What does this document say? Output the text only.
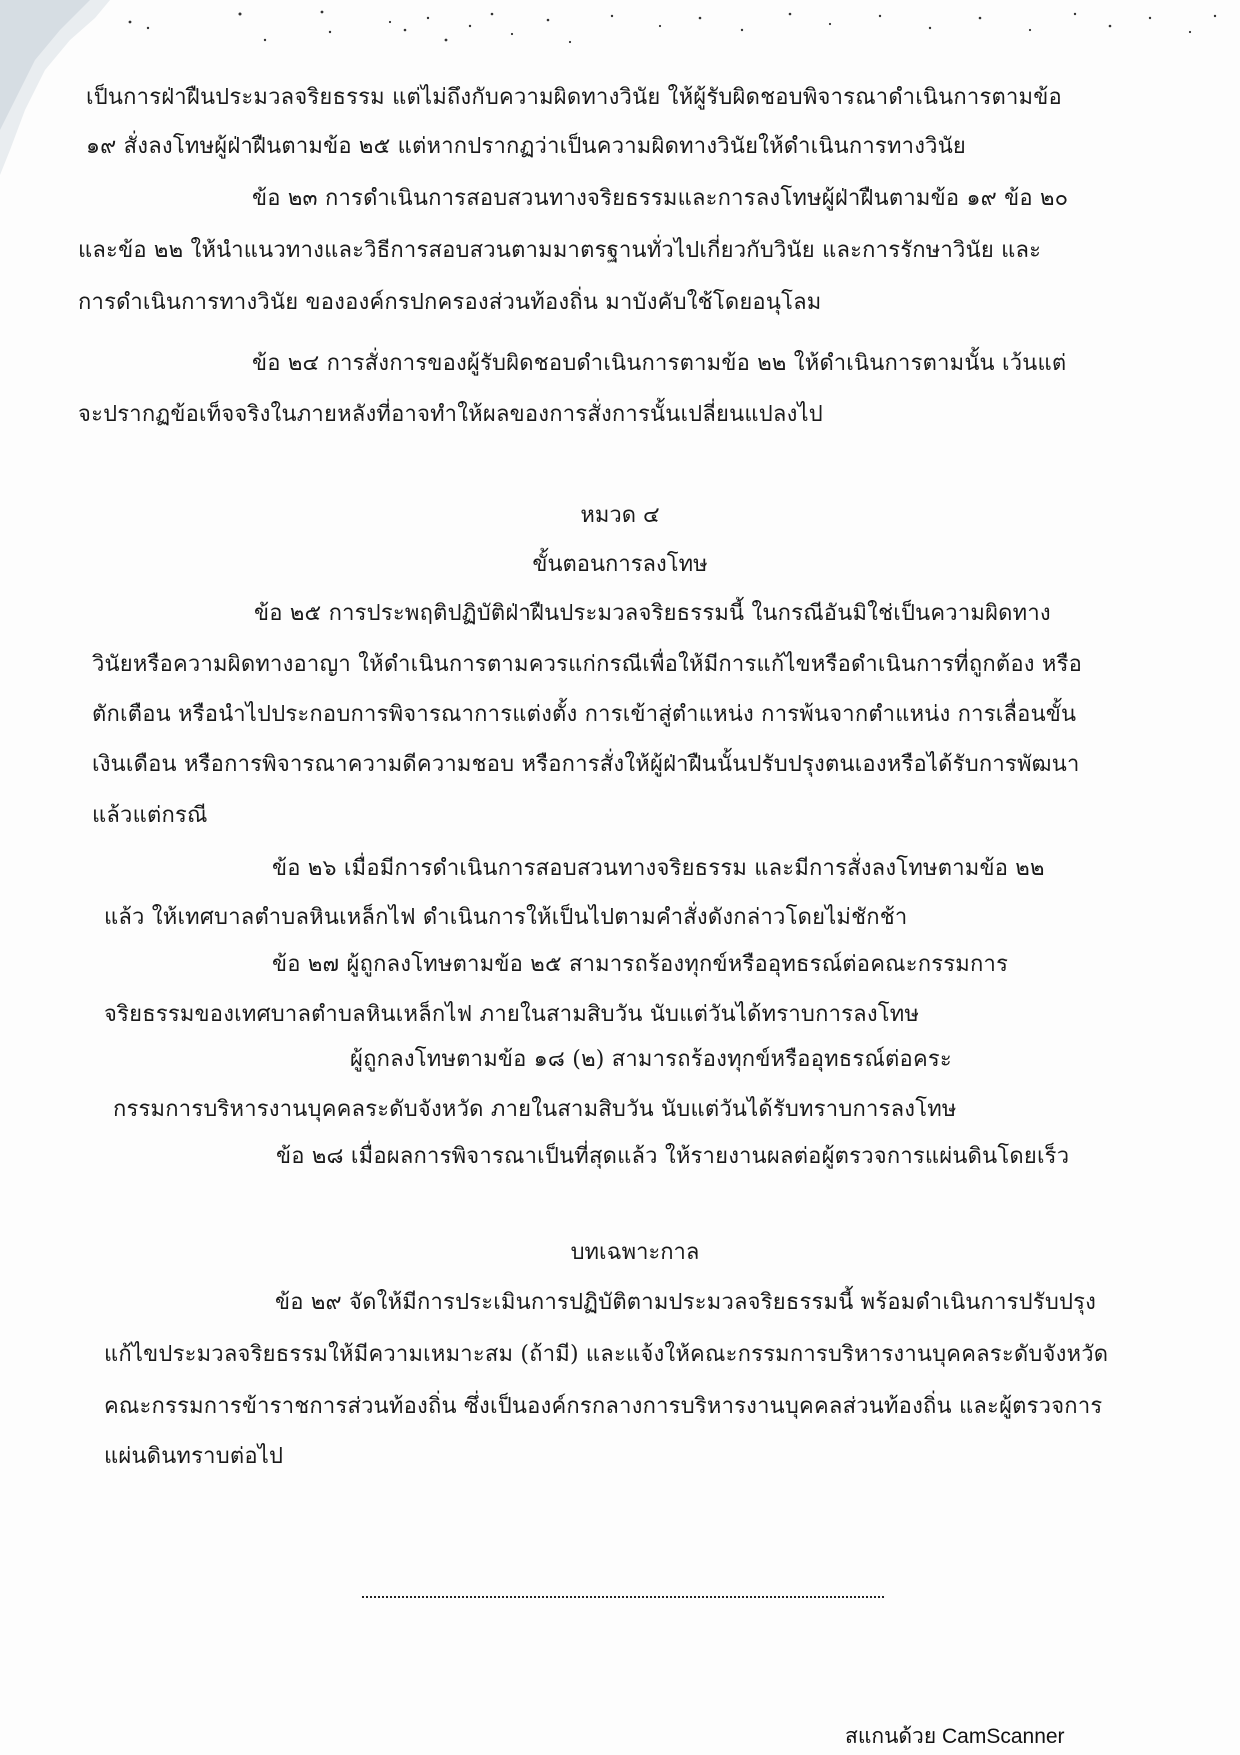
เป็นการฝ่าฝืนประมวลจริยธรรม แต่ไม่ถึงกับความผิดทางวินัย ให้ผู้รับผิดชอบพิจารณาดำเนินการตามข้อ
๑๙ สั่งลงโทษผู้ฝ่าฝืนตามข้อ ๒๕ แต่หากปรากฏว่าเป็นความผิดทางวินัยให้ดำเนินการทางวินัย
ข้อ ๒๓ การดำเนินการสอบสวนทางจริยธรรมและการลงโทษผู้ฝ่าฝืนตามข้อ ๑๙ ข้อ ๒๐
และข้อ ๒๒ ให้นำแนวทางและวิธีการสอบสวนตามมาตรฐานทั่วไปเกี่ยวกับวินัย และการรักษาวินัย และ
การดำเนินการทางวินัย ขององค์กรปกครองส่วนท้องถิ่น มาบังคับใช้โดยอนุโลม
ข้อ ๒๔ การสั่งการของผู้รับผิดชอบดำเนินการตามข้อ ๒๒ ให้ดำเนินการตามนั้น เว้นแต่
จะปรากฏข้อเท็จจริงในภายหลังที่อาจทำให้ผลของการสั่งการนั้นเปลี่ยนแปลงไป
หมวด ๔
ขั้นตอนการลงโทษ
ข้อ ๒๕ การประพฤติปฏิบัติฝ่าฝืนประมวลจริยธรรมนี้ ในกรณีอันมิใช่เป็นความผิดทาง
วินัยหรือความผิดทางอาญา ให้ดำเนินการตามควรแก่กรณีเพื่อให้มีการแก้ไขหรือดำเนินการที่ถูกต้อง หรือ
ตักเตือน หรือนำไปประกอบการพิจารณาการแต่งตั้ง การเข้าสู่ตำแหน่ง การพ้นจากตำแหน่ง การเลื่อนขั้น
เงินเดือน หรือการพิจารณาความดีความชอบ หรือการสั่งให้ผู้ฝ่าฝืนนั้นปรับปรุงตนเองหรือได้รับการพัฒนา
แล้วแต่กรณี
ข้อ ๒๖ เมื่อมีการดำเนินการสอบสวนทางจริยธรรม และมีการสั่งลงโทษตามข้อ ๒๒
แล้ว ให้เทศบาลตำบลหินเหล็กไฟ ดำเนินการให้เป็นไปตามคำสั่งดังกล่าวโดยไม่ชักช้า
ข้อ ๒๗ ผู้ถูกลงโทษตามข้อ ๒๕ สามารถร้องทุกข์หรืออุทธรณ์ต่อคณะกรรมการ
จริยธรรมของเทศบาลตำบลหินเหล็กไฟ ภายในสามสิบวัน นับแต่วันได้ทราบการลงโทษ
ผู้ถูกลงโทษตามข้อ ๑๘ (๒) สามารถร้องทุกข์หรืออุทธรณ์ต่อคระ
กรรมการบริหารงานบุคคลระดับจังหวัด ภายในสามสิบวัน นับแต่วันได้รับทราบการลงโทษ
ข้อ ๒๘ เมื่อผลการพิจารณาเป็นที่สุดแล้ว ให้รายงานผลต่อผู้ตรวจการแผ่นดินโดยเร็ว
บทเฉพาะกาล
ข้อ ๒๙ จัดให้มีการประเมินการปฏิบัติตามประมวลจริยธรรมนี้ พร้อมดำเนินการปรับปรุง
แก้ไขประมวลจริยธรรมให้มีความเหมาะสม (ถ้ามี) และแจ้งให้คณะกรรมการบริหารงานบุคคลระดับจังหวัด
คณะกรรมการข้าราชการส่วนท้องถิ่น ซึ่งเป็นองค์กรกลางการบริหารงานบุคคลส่วนท้องถิ่น และผู้ตรวจการ
แผ่นดินทราบต่อไป
สแกนด้วย CamScanner
